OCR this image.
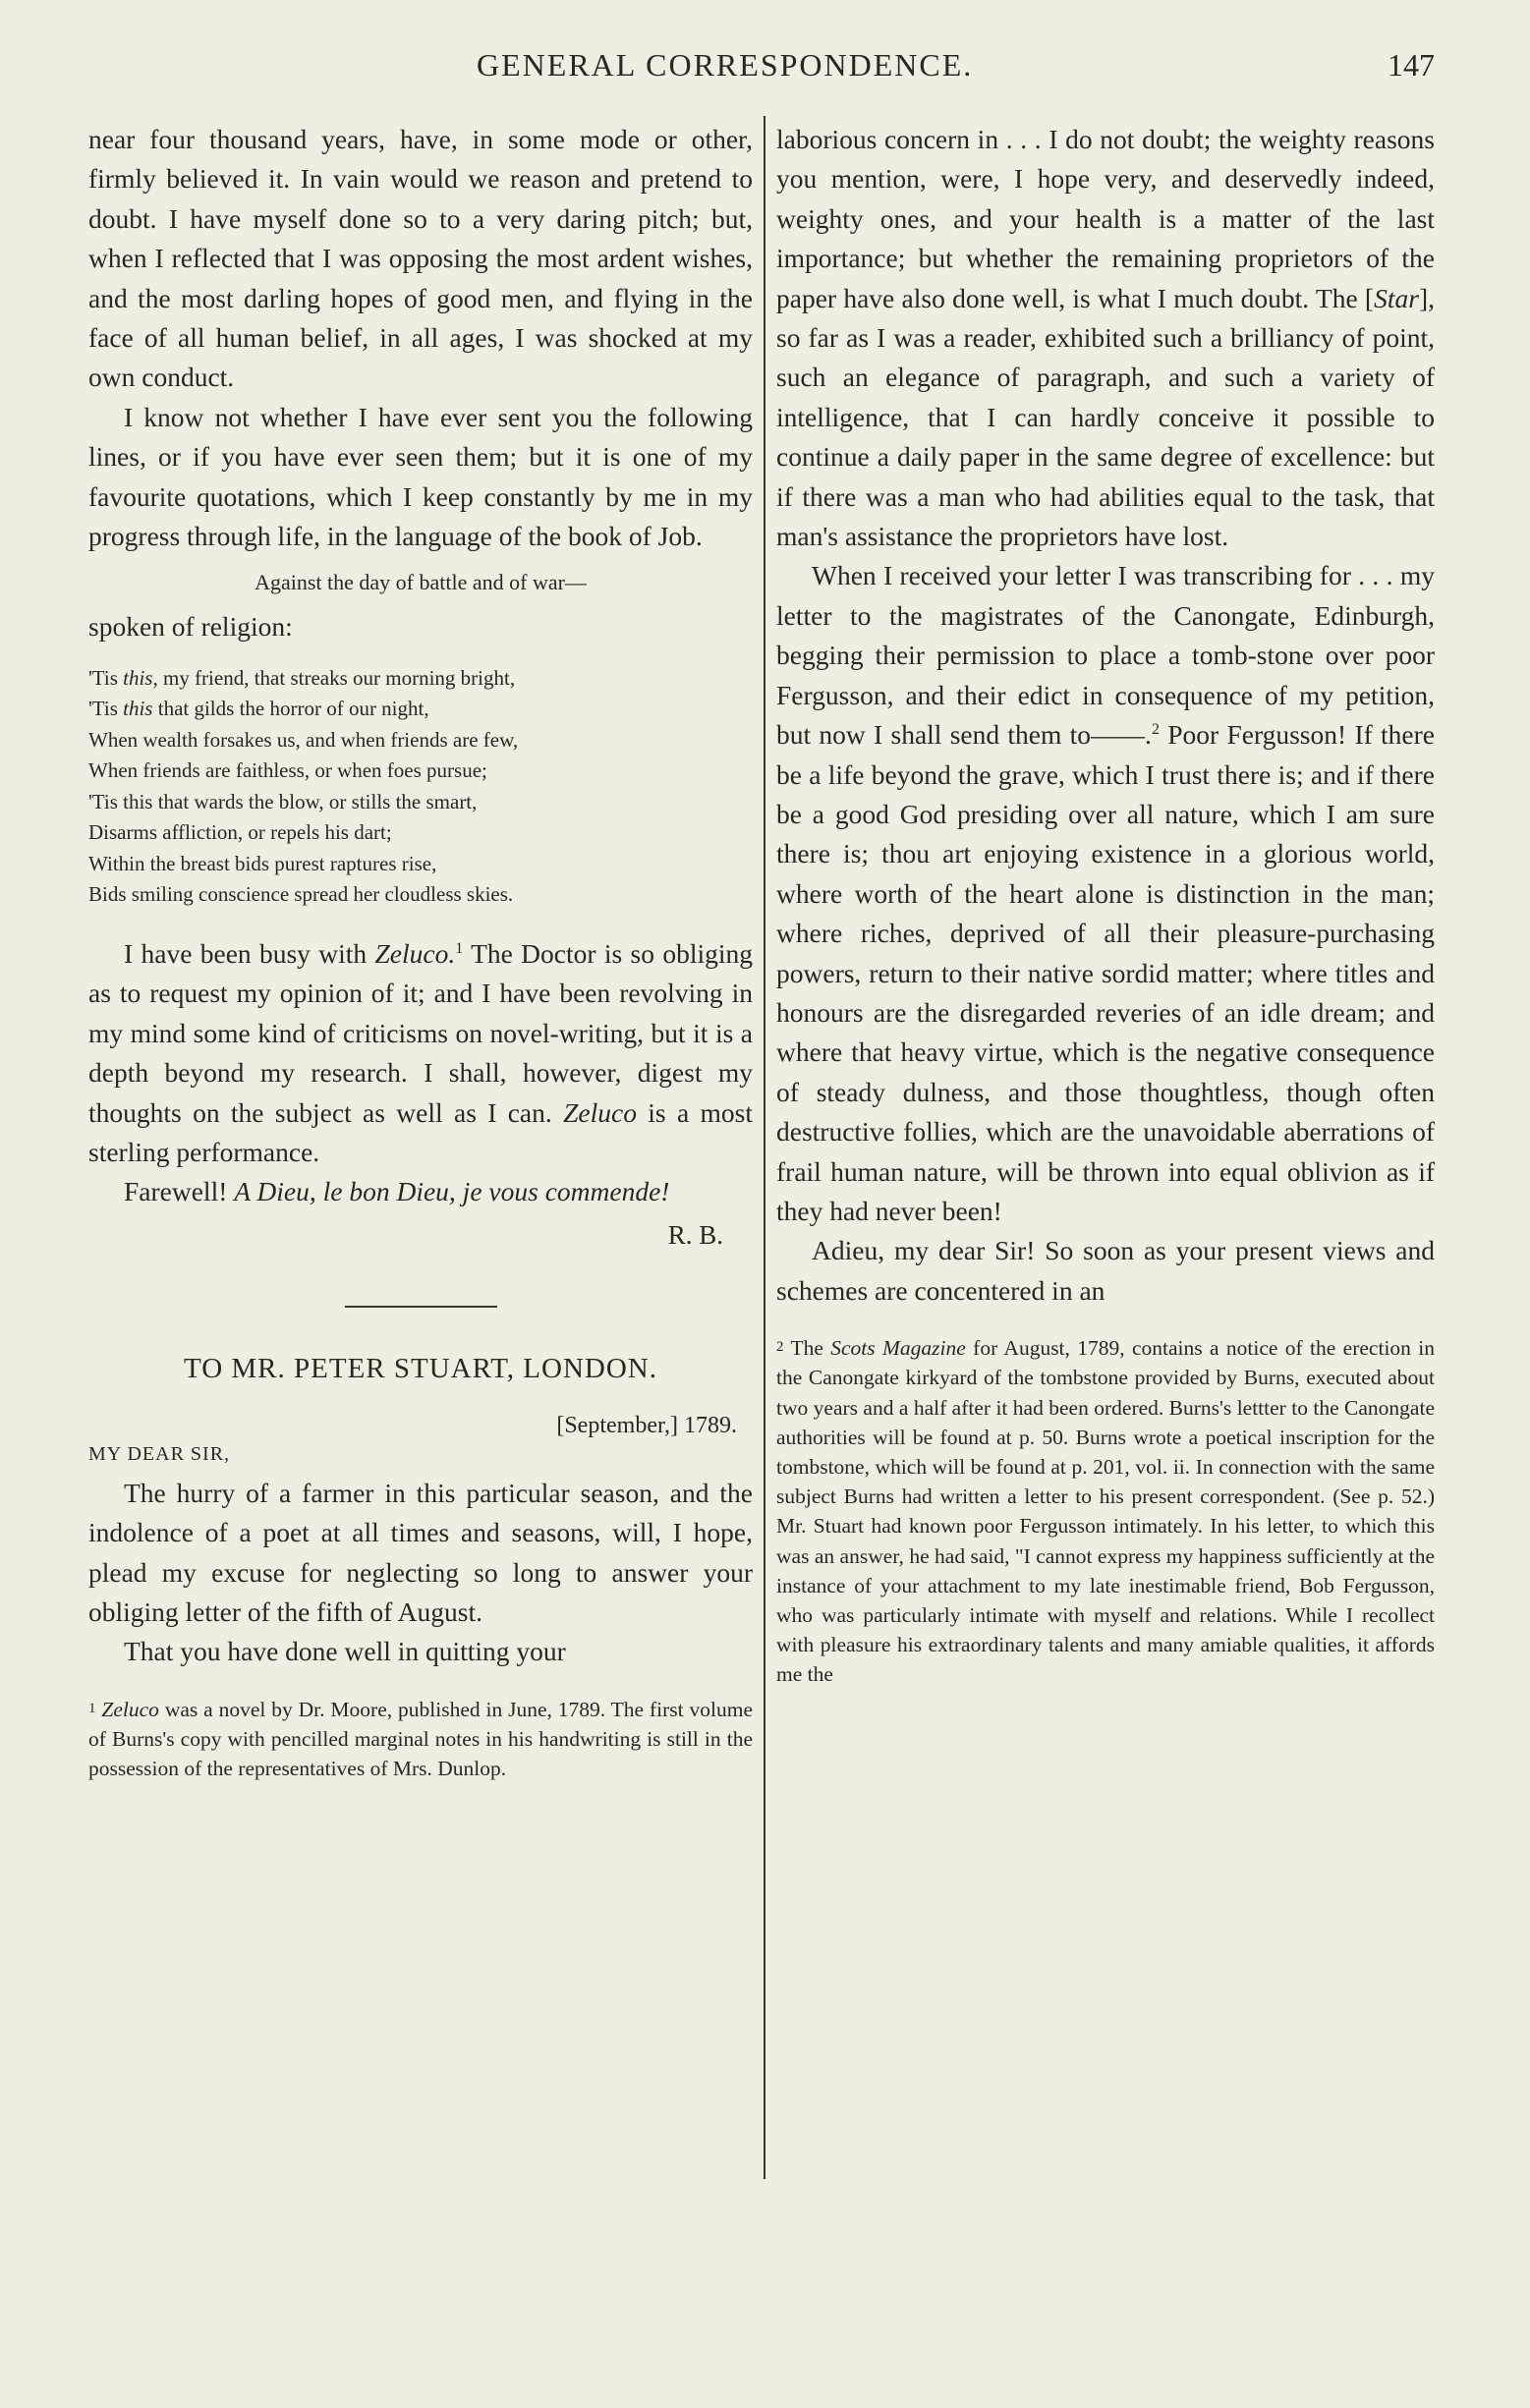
GENERAL CORRESPONDENCE.	147

near four thousand years, have, in some mode or other, firmly believed it. In vain would we reason and pretend to doubt. I have myself done so to a very daring pitch; but, when I reflected that I was opposing the most ardent wishes, and the most darling hopes of good men, and flying in the face of all human belief, in all ages, I was shocked at my own conduct.

I know not whether I have ever sent you the following lines, or if you have ever seen them; but it is one of my favourite quotations, which I keep constantly by me in my progress through life, in the language of the book of Job.

Against the day of battle and of war—

spoken of religion:

'Tis this, my friend, that streaks our morning bright,
'Tis this that gilds the horror of our night,
When wealth forsakes us, and when friends are few,
When friends are faithless, or when foes pursue;
'Tis this that wards the blow, or stills the smart,
Disarms affliction, or repels his dart;
Within the breast bids purest raptures rise,
Bids smiling conscience spread her cloudless skies.

I have been busy with Zeluco.$^1$ The Doctor is so obliging as to request my opinion of it; and I have been revolving in my mind some kind of criticisms on novel-writing, but it is a depth beyond my research. I shall, however, digest my thoughts on the subject as well as I can. Zeluco is a most sterling performance.

Farewell! A Dieu, le bon Dieu, je vous commende!

R. B.
TO MR. PETER STUART, LONDON.
[September,] 1789.
MY DEAR SIR,

The hurry of a farmer in this particular season, and the indolence of a poet at all times and seasons, will, I hope, plead my excuse for neglecting so long to answer your obliging letter of the fifth of August.

That you have done well in quitting your

1 Zeluco was a novel by Dr. Moore, published in June, 1789. The first volume of Burns's copy with pencilled marginal notes in his handwriting is still in the possession of the representatives of Mrs. Dunlop.

laborious concern in . . . I do not doubt; the weighty reasons you mention, were, I hope very, and deservedly indeed, weighty ones, and your health is a matter of the last importance; but whether the remaining proprietors of the paper have also done well, is what I much doubt. The [Star], so far as I was a reader, exhibited such a brilliancy of point, such an elegance of paragraph, and such a variety of intelligence, that I can hardly conceive it possible to continue a daily paper in the same degree of excellence: but if there was a man who had abilities equal to the task, that man's assistance the proprietors have lost.

When I received your letter I was transcribing for . . . my letter to the magistrates of the Canongate, Edinburgh, begging their permission to place a tomb-stone over poor Fergusson, and their edict in consequence of my petition, but now I shall send them to——.$^2$ Poor Fergusson! If there be a life beyond the grave, which I trust there is; and if there be a good God presiding over all nature, which I am sure there is; thou art enjoying existence in a glorious world, where worth of the heart alone is distinction in the man; where riches, deprived of all their pleasure-purchasing powers, return to their native sordid matter; where titles and honours are the disregarded reveries of an idle dream; and where that heavy virtue, which is the negative consequence of steady dulness, and those thoughtless, though often destructive follies, which are the unavoidable aberrations of frail human nature, will be thrown into equal oblivion as if they had never been!

Adieu, my dear Sir! So soon as your present views and schemes are concentered in an

2 The Scots Magazine for August, 1789, contains a notice of the erection in the Canongate kirkyard of the tombstone provided by Burns, executed about two years and a half after it had been ordered. Burns's lettter to the Canongate authorities will be found at p. 50. Burns wrote a poetical inscription for the tombstone, which will be found at p. 201, vol. ii. In connection with the same subject Burns had written a letter to his present correspondent. (See p. 52.) Mr. Stuart had known poor Fergusson intimately. In his letter, to which this was an answer, he had said, "I cannot express my happiness sufficiently at the instance of your attachment to my late inestimable friend, Bob Fergusson, who was particularly intimate with myself and relations. While I recollect with pleasure his extraordinary talents and many amiable qualities, it affords me the
